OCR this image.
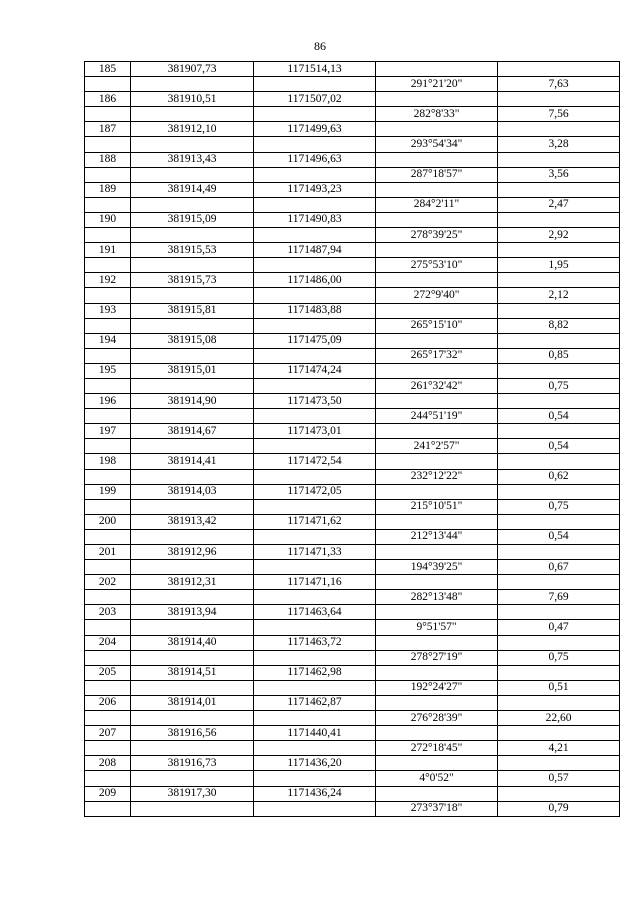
86
185	381907,73	1171514,13		
			291°21'20"	7,63
186	381910,51	1171507,02		
			282°8'33"	7,56
187	381912,10	1171499,63		
			293°54'34"	3,28
188	381913,43	1171496,63		
			287°18'57"	3,56
189	381914,49	1171493,23		
			284°2'11"	2,47
190	381915,09	1171490,83		
			278°39'25"	2,92
191	381915,53	1171487,94		
			275°53'10"	1,95
192	381915,73	1171486,00		
			272°9'40"	2,12
193	381915,81	1171483,88		
			265°15'10"	8,82
194	381915,08	1171475,09		
			265°17'32"	0,85
195	381915,01	1171474,24		
			261°32'42"	0,75
196	381914,90	1171473,50		
			244°51'19"	0,54
197	381914,67	1171473,01		
			241°2'57"	0,54
198	381914,41	1171472,54		
			232°12'22"	0,62
199	381914,03	1171472,05		
			215°10'51"	0,75
200	381913,42	1171471,62		
			212°13'44"	0,54
201	381912,96	1171471,33		
			194°39'25"	0,67
202	381912,31	1171471,16		
			282°13'48"	7,69
203	381913,94	1171463,64		
			9°51'57"	0,47
204	381914,40	1171463,72		
			278°27'19"	0,75
205	381914,51	1171462,98		
			192°24'27"	0,51
206	381914,01	1171462,87		
			276°28'39"	22,60
207	381916,56	1171440,41		
			272°18'45"	4,21
208	381916,73	1171436,20		
			4°0'52"	0,57
209	381917,30	1171436,24		
			273°37'18"	0,79
